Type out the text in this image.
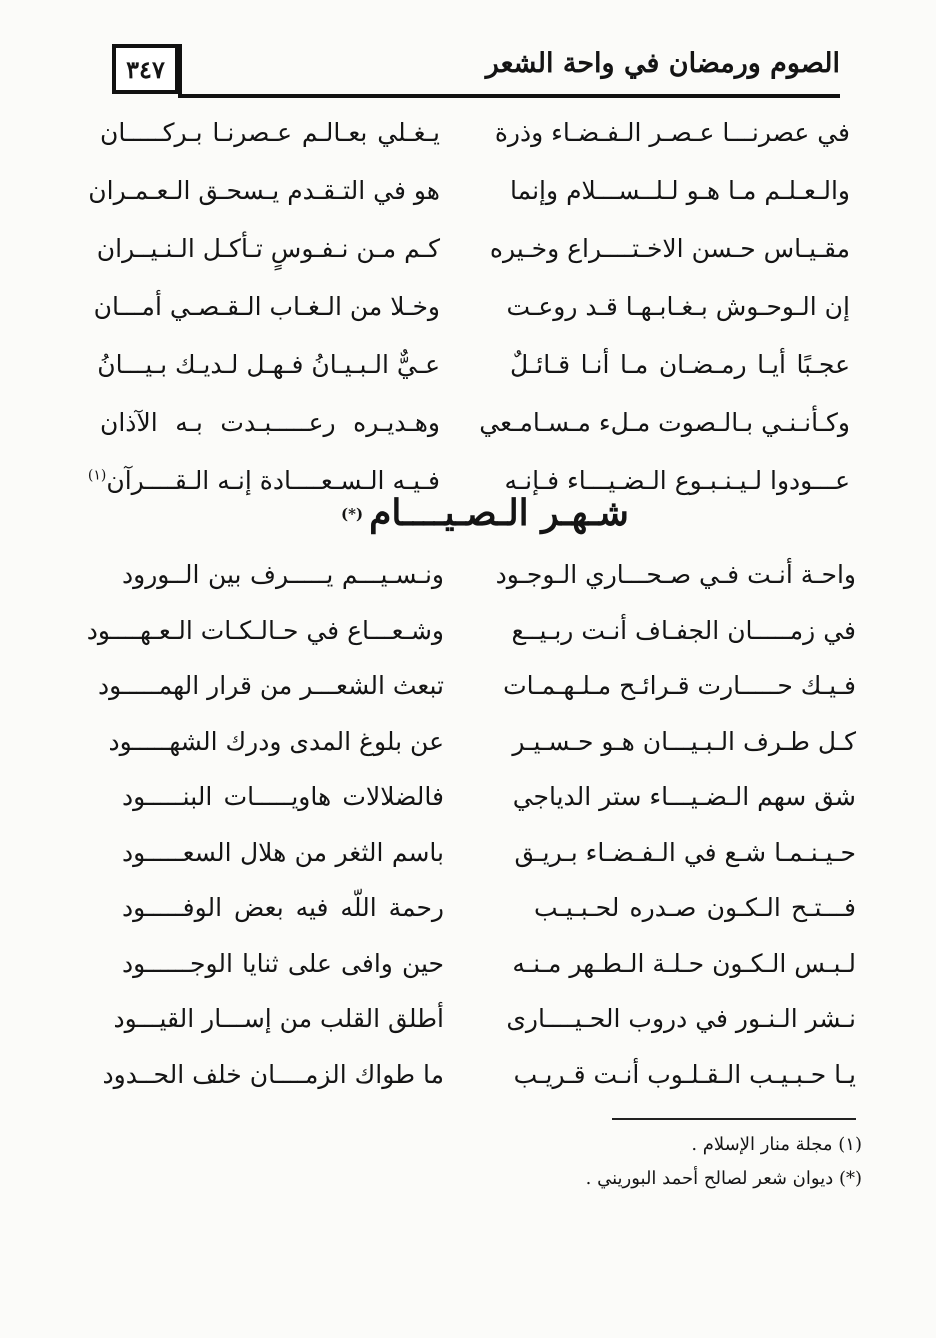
٣٤٧	الصوم ورمضان في واحة الشعر
في عصرنـــا عـصـر الـفـضـاء وذرة
يـغـلي بعـالـم عـصرنـا بـركـــــان
والـعـلـم مـا هـو لـلــســـلام وإنما
هو في التـقـدم يـسحـق الـعـمـران
مقـيـاس حـسن الاخـتــــراع وخـيره
كـم مـن نـفـوسٍ تـأكـل الـنـيــران
إن الـوحـوش بـغـابـهـا قـد روعـت
وخـلا من الـغـاب الـقـصـي أمـــان
عجـبًا أيـا رمـضـان مـا أنـا قـائـلٌ
عـيٌّ الـبـيـانُ فـهـل لـديـك بـيـــانُ
وكـأنـنـي بـالـصوت مـلء مـسـامـعي
وهـديـره رعـــــبـدت بـه الآذان
عـــودوا لـيـنـبـوع الـضـيـــاء فـإنـه
فـيـه الـسـعــــادة إنـه الـقــــرآن$^{(١)}$
شـهـر الـصـيــــام(*)
واحـة أنـت فـي صـحـــاري الـوجـود
ونـسـيـــم يـــــرف بين الــورود
في زمـــــان الجفـاف أنـت ربـيــع
وشـعـــاع في حـالـكـات الـعـهــــود
فـيـك حـــــارت قـرائـح مـلـهـمـات
تبعث الشعـــر من قرار الهمـــــود
كـل طـرف الـبـيـــان هـو حـسـيـر
عن بلوغ المدى ودرك الشهـــــود
شق سهم الـضـيـــاء ستر الدياجي
فالضلالات هاويـــــات البنـــــود
حـيـنـمـا شـع في الـفـضـاء بـريـق
باسم الثغر من هلال السعـــــود
فـــتـح الـكـون صـدره لحـبـيـب
رحمة اللّه فيه بعض الوفـــــود
لـبـس الـكـون حـلـة الـطـهر مـنـه
حين وافى على ثنايا الوجــــــود
نـشر الـنـور في دروب الحـيــــارى
أطلق القلب من إســـار القيـــود
يـا حـبـيـب الـقـلـوب أنـت قـريـب
ما طواك الزمــــان خلف الحــدود
(١) مجلة منار الإسلام .
(*) ديوان شعر لصالح أحمد البوريني .
